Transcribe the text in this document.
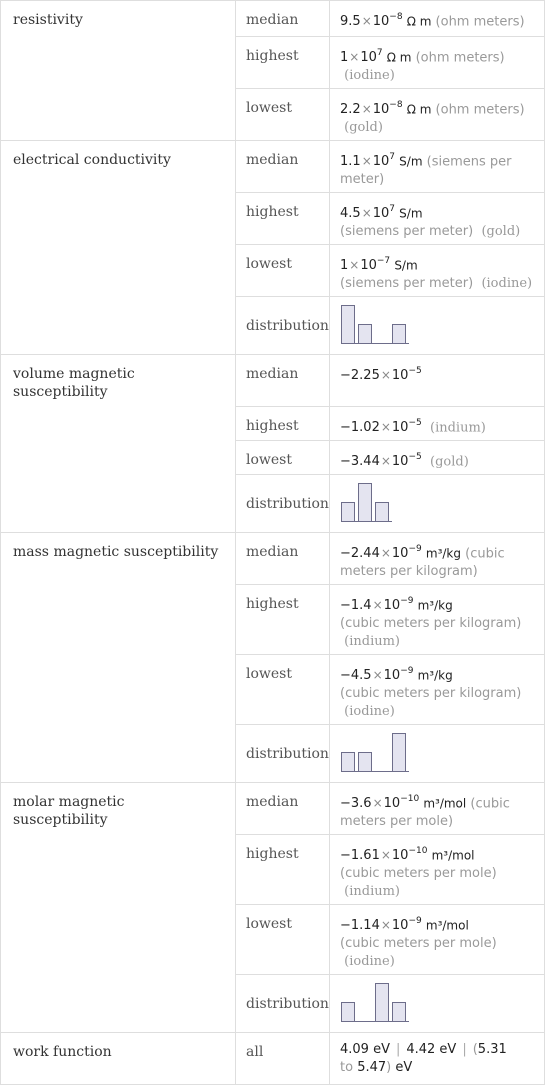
resistivity	median	$9.5\times 10^{-8}$ Ω m (ohm meters)
	highest	$1\times 10^7$ Ω m (ohm meters)
(iodine)
	lowest	$2.2\times 10^{-8}$ Ω m (ohm meters)
(gold)
electrical conductivity	median	$1.1\times 10^7$ S/m (siemens per meter)
	highest	$4.5\times 10^7$ S/m
(siemens per meter) (gold)
	lowest	$1\times 10^{-7}$ S/m
(siemens per meter) (iodine)
	distribution	

volume magnetic susceptibility	median	$-2.25\times 10^{-5}$
	highest	$-1.02\times 10^{-5}$ (indium)
	lowest	$-3.44\times 10^{-5}$ (gold)
	distribution	

mass magnetic susceptibility	median	$-2.44\times 10^{-9}$ m³/kg (cubic meters per kilogram)
	highest	$-1.4\times 10^{-9}$ m³/kg
(cubic meters per kilogram)
(indium)
	lowest	$-4.5\times 10^{-9}$ m³/kg
(cubic meters per kilogram)
(iodine)
	distribution	

molar magnetic susceptibility	median	$-3.6\times 10^{-10}$ m³/mol (cubic meters per mole)
	highest	$-1.61\times 10^{-10}$ m³/mol
(cubic meters per mole)
(indium)
	lowest	$-1.14\times 10^{-9}$ m³/mol
(cubic meters per mole)
(iodine)
	distribution	

work function	all	4.09 eV | 4.42 eV | (5.31
to 5.47) eV
